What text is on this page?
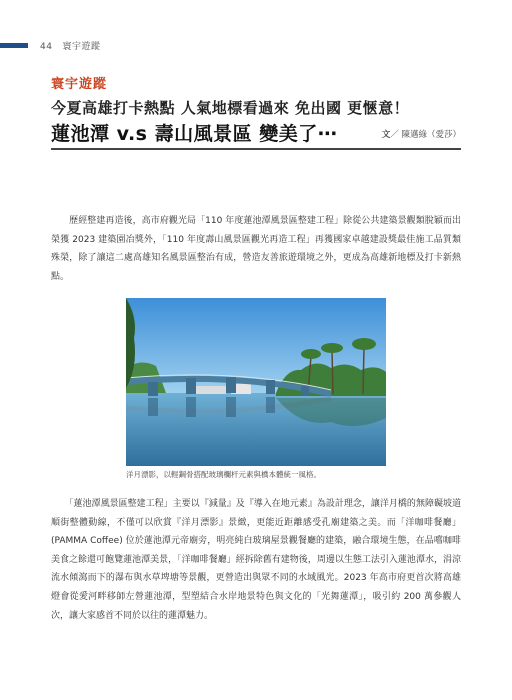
44 寰宇遊蹤
寰宇遊蹤
今夏高雄打卡熱點 人氣地標看過來 免出國 更愜意！
蓮池潭 v.s 壽山風景區 變美了⋯	文／ 陳邁綠（愛莎）
　　歷經整建再造後，高市府觀光局「110 年度蓮池潭風景區整建工程」除從公共建築景觀類脫穎而出榮獲 2023 建築園冶獎外，「110 年度壽山風景區觀光再造工程」再獲國家卓越建設獎最佳施工品質類殊榮，除了讓這二處高雄知名風景區整治有成，營造友善旅遊環境之外，更成為高雄新地標及打卡新熱點。
洋月漂影，以輕鋼骨搭配玻璃欄杆元素與橋本體統一風格。
　　「蓮池潭風景區整建工程」主要以『減量』及『導入在地元素』為設計理念，讓洋月橋的無障礙坡道順街整體動線，不僅可以欣賞『洋月漂影』景緻，更能近距離感受孔廟建築之美。而「洋咖啡餐廳」(PAMMA Coffee) 位於蓮池潭元帝廟旁，明亮純白玻璃屋景觀餐廳的建築，融合環境生態，在品嚐咖啡美食之餘還可飽覽蓮池潭美景，「洋咖啡餐廳」經拆除舊有建物後，周邊以生態工法引入蓮池潭水，涓涼流水傾瀉而下的瀑布與水草埤塘等景觀，更營造出與眾不同的水域風光。2023 年高市府更首次將高雄燈會從愛河畔移師左營蓮池潭，型塑結合水岸地景特色與文化的「光舞蓮潭」，吸引約 200 萬參觀人次，讓大家感首不同於以往的蓮潭魅力。
